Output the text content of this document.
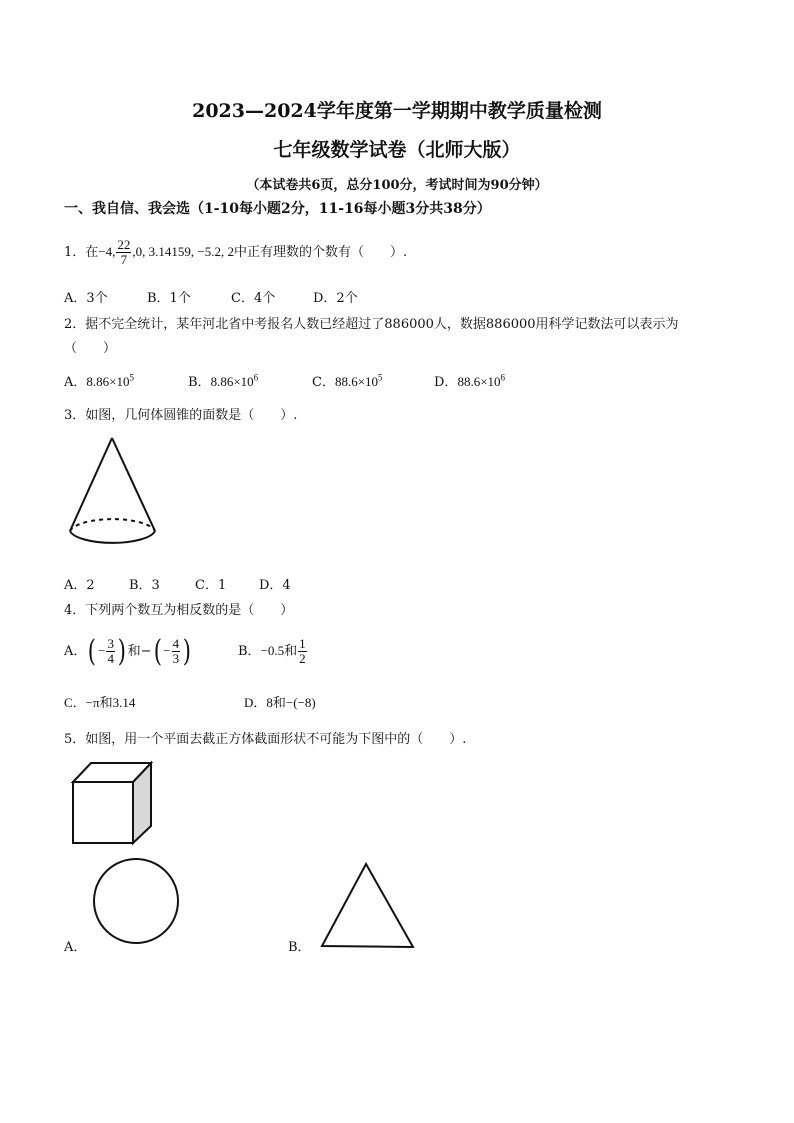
2023—2024学年度第一学期期中教学质量检测
七年级数学试卷（北师大版）
（本试卷共6页，总分100分，考试时间为90分钟）
一、我自信、我会选（1-10每小题2分，11-16每小题3分共38分）
1．在−4, $\frac{22}{7} ,0$, 3.14159, −5.2, 2中正有理数的个数有（　　）.
A．3个	B．1个	C．4个	D．2个
2．据不完全统计，某年河北省中考报名人数已经超过了886000人，数据886000用科学记数法可以表示为
（　　）
A．$8.86\times 10^5$	B．$8.86\times 10^6$	C．$88.6\times 10^5$	D．$88.6\times 10^6$
3．如图，几何体圆锥的面数是（　　）.
A．2	B．3	C．1	D．4
4．下列两个数互为相反数的是（　　）
A．( − $\frac{3}{4}$ ) 和−( − $\frac{4}{3}$ )	B．−0.5和 $\frac{1}{2}$
C．−π和3.14	D．8和−(−8)
5．如图，用一个平面去截正方体截面形状不可能为下图中的（　　）.
A．	B．
